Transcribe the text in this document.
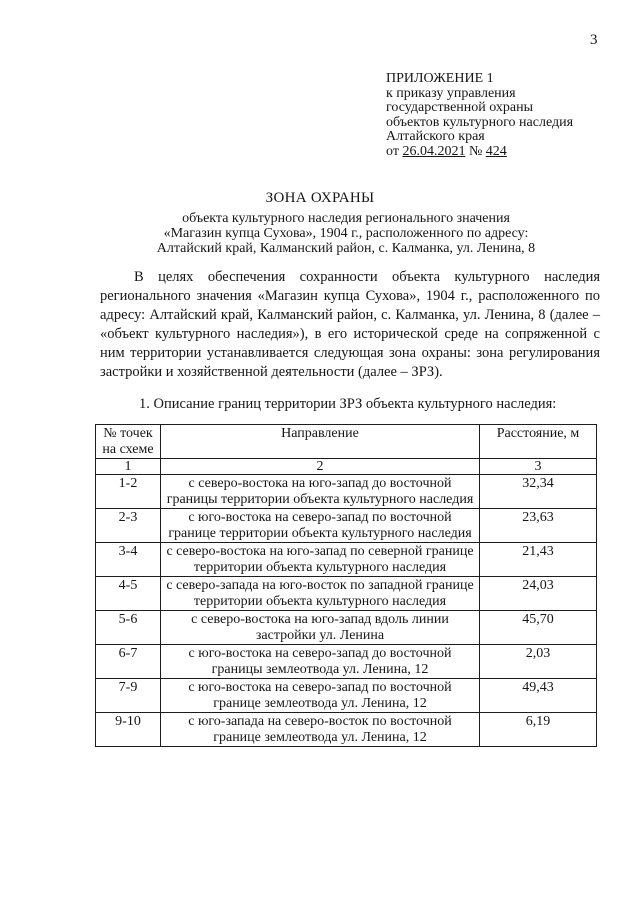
3
ПРИЛОЖЕНИЕ 1
к приказу управления
государственной охраны
объектов культурного наследия
Алтайского края
от 26.04.2021 № 424
ЗОНА ОХРАНЫ
объекта культурного наследия регионального значения
«Магазин купца Сухова», 1904 г., расположенного по адресу:
Алтайский край, Калманский район, с. Калманка, ул. Ленина, 8
В целях обеспечения сохранности объекта культурного наследия регионального значения «Магазин купца Сухова», 1904 г., расположенного по адресу: Алтайский край, Калманский район, с. Калманка, ул. Ленина, 8 (далее – «объект культурного наследия»), в его исторической среде на сопряженной с ним территории устанавливается следующая зона охраны: зона регулирования застройки и хозяйственной деятельности (далее – ЗРЗ).
1. Описание границ территории ЗРЗ объекта культурного наследия:
№ точек на схеме	Направление	Расстояние, м
1	2	3
1-2	с северо-востока на юго-запад до восточной границы территории объекта культурного наследия	32,34
2-3	с юго-востока на северо-запад по восточной границе территории объекта культурного наследия	23,63
3-4	с северо-востока на юго-запад по северной границе территории объекта культурного наследия	21,43
4-5	с северо-запада на юго-восток по западной границе территории объекта культурного наследия	24,03
5-6	с северо-востока на юго-запад вдоль линии застройки ул. Ленина	45,70
6-7	с юго-востока на северо-запад до восточной границы землеотвода ул. Ленина, 12	2,03
7-9	с юго-востока на северо-запад по восточной границе землеотвода ул. Ленина, 12	49,43
9-10	с юго-запада на северо-восток по восточной границе землеотвода ул. Ленина, 12	6,19
